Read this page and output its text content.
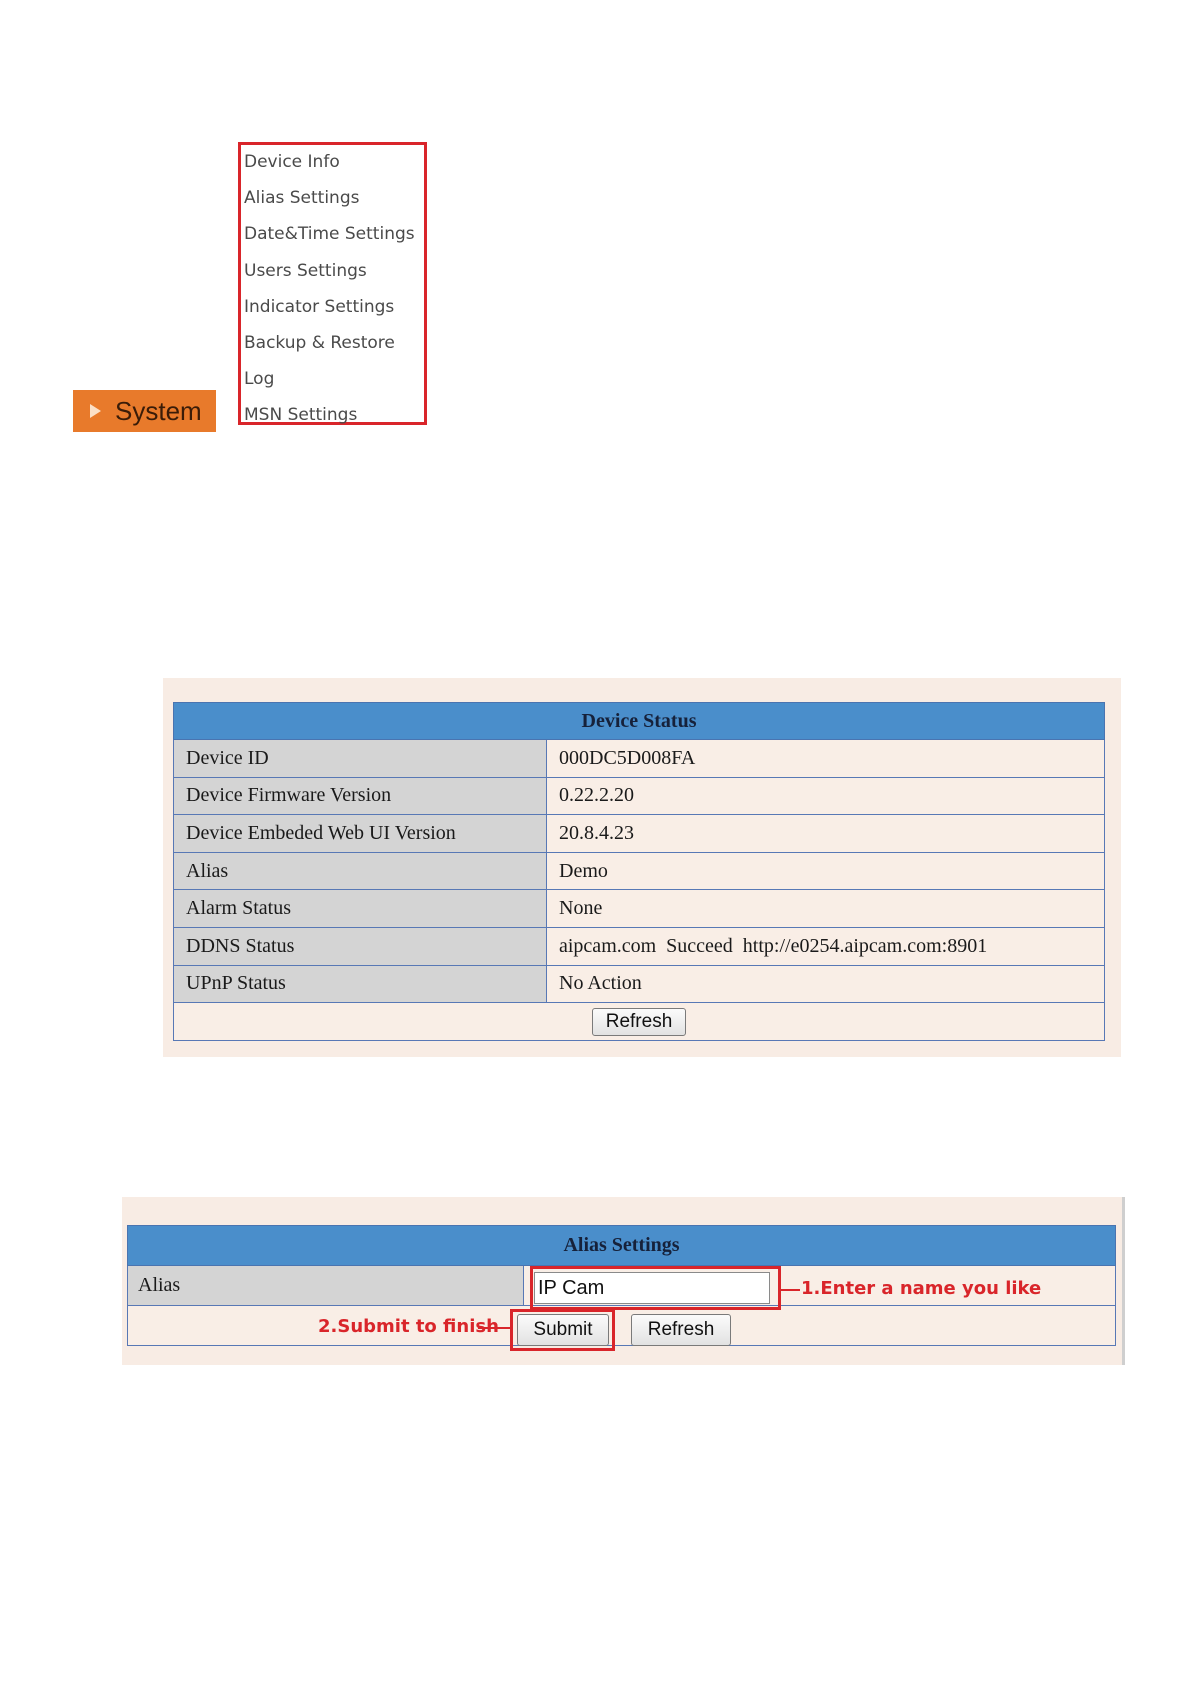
System
Device Info
Alias Settings
Date&Time Settings
Users Settings
Indicator Settings
Backup & Restore
Log
MSN Settings
Device Status	
Device ID	000DC5D008FA
Device Firmware Version	0.22.2.20
Device Embeded Web UI Version	20.8.4.23
Alias	Demo
Alarm Status	None
DDNS Status	aipcam.com  Succeed  http://e0254.aipcam.com:8901
UPnP Status	No Action
Refresh	
Alias Settings
Alias		IP Cam	1.Enter a name you like
Submit
2.Submit to finish	Refresh
